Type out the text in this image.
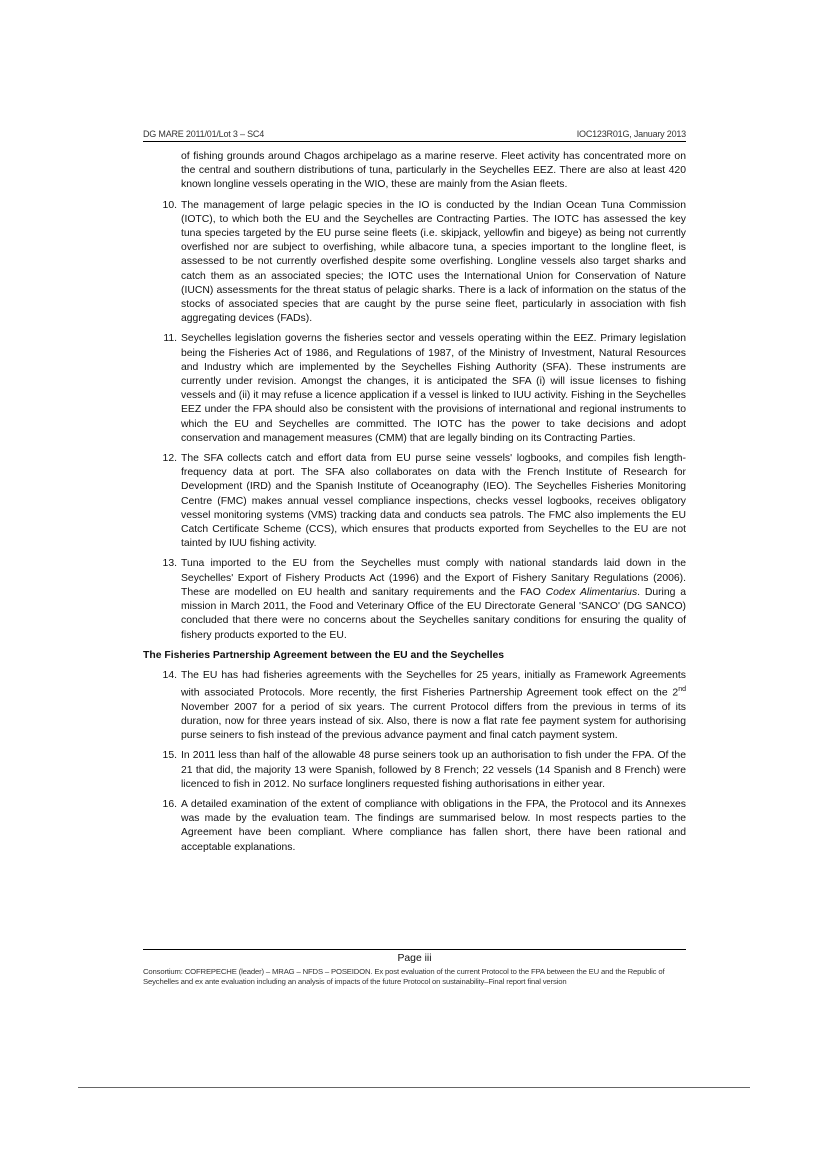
DG MARE 2011/01/Lot 3 – SC4	IOC123R01G, January 2013

of fishing grounds around Chagos archipelago as a marine reserve. Fleet activity has concentrated more on the central and southern distributions of tuna, particularly in the Seychelles EEZ. There are also at least 420 known longline vessels operating in the WIO, these are mainly from the Asian fleets.

10. The management of large pelagic species in the IO is conducted by the Indian Ocean Tuna Commission (IOTC), to which both the EU and the Seychelles are Contracting Parties. The IOTC has assessed the key tuna species targeted by the EU purse seine fleets (i.e. skipjack, yellowfin and bigeye) as being not currently overfished nor are subject to overfishing, while albacore tuna, a species important to the longline fleet, is assessed to be not currently overfished despite some overfishing. Longline vessels also target sharks and catch them as an associated species; the IOTC uses the International Union for Conservation of Nature (IUCN) assessments for the threat status of pelagic sharks. There is a lack of information on the status of the stocks of associated species that are caught by the purse seine fleet, particularly in association with fish aggregating devices (FADs).

11. Seychelles legislation governs the fisheries sector and vessels operating within the EEZ. Primary legislation being the Fisheries Act of 1986, and Regulations of 1987, of the Ministry of Investment, Natural Resources and Industry which are implemented by the Seychelles Fishing Authority (SFA). These instruments are currently under revision. Amongst the changes, it is anticipated the SFA (i) will issue licenses to fishing vessels and (ii) it may refuse a licence application if a vessel is linked to IUU activity. Fishing in the Seychelles EEZ under the FPA should also be consistent with the provisions of international and regional instruments to which the EU and Seychelles are committed. The IOTC has the power to take decisions and adopt conservation and management measures (CMM) that are legally binding on its Contracting Parties.

12. The SFA collects catch and effort data from EU purse seine vessels' logbooks, and compiles fish length-frequency data at port. The SFA also collaborates on data with the French Institute of Research for Development (IRD) and the Spanish Institute of Oceanography (IEO). The Seychelles Fisheries Monitoring Centre (FMC) makes annual vessel compliance inspections, checks vessel logbooks, receives obligatory vessel monitoring systems (VMS) tracking data and conducts sea patrols. The FMC also implements the EU Catch Certificate Scheme (CCS), which ensures that products exported from Seychelles to the EU are not tainted by IUU fishing activity.

13. Tuna imported to the EU from the Seychelles must comply with national standards laid down in the Seychelles' Export of Fishery Products Act (1996) and the Export of Fishery Sanitary Regulations (2006). These are modelled on EU health and sanitary requirements and the FAO Codex Alimentarius. During a mission in March 2011, the Food and Veterinary Office of the EU Directorate General 'SANCO' (DG SANCO) concluded that there were no concerns about the Seychelles sanitary conditions for ensuring the quality of fishery products exported to the EU.

The Fisheries Partnership Agreement between the EU and the Seychelles

14. The EU has had fisheries agreements with the Seychelles for 25 years, initially as Framework Agreements with associated Protocols. More recently, the first Fisheries Partnership Agreement took effect on the 2nd November 2007 for a period of six years. The current Protocol differs from the previous in terms of its duration, now for three years instead of six. Also, there is now a flat rate fee payment system for authorising purse seiners to fish instead of the previous advance payment and final catch payment system.

15. In 2011 less than half of the allowable 48 purse seiners took up an authorisation to fish under the FPA. Of the 21 that did, the majority 13 were Spanish, followed by 8 French; 22 vessels (14 Spanish and 8 French) were licenced to fish in 2012. No surface longliners requested fishing authorisations in either year.

16. A detailed examination of the extent of compliance with obligations in the FPA, the Protocol and its Annexes was made by the evaluation team. The findings are summarised below. In most respects parties to the Agreement have been compliant. Where compliance has fallen short, there have been rational and acceptable explanations.

Page iii
Consortium: COFREPECHE (leader) – MRAG – NFDS – POSEIDON. Ex post evaluation of the current Protocol to the FPA between the EU and the Republic of Seychelles and ex ante evaluation including an analysis of impacts of the future Protocol on sustainability–Final report final version
